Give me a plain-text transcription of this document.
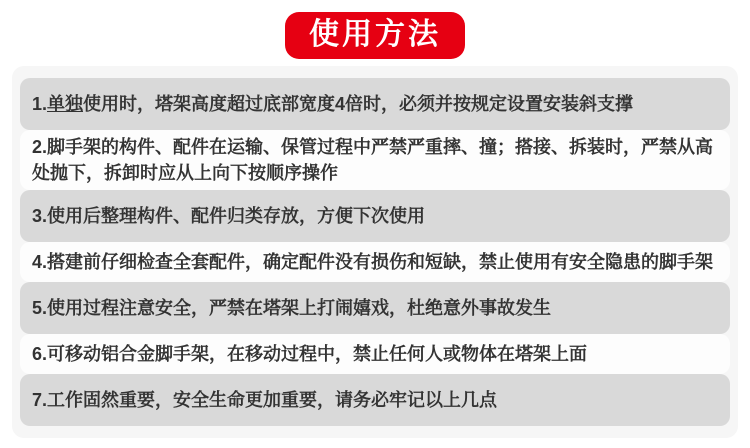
使用方法
1.单独使用时，塔架高度超过底部宽度4倍时，必须并按规定设置安装斜支撑
2.脚手架的构件、配件在运输、保管过程中严禁严重摔、撞；搭接、拆装时，严禁从高处抛下，拆卸时应从上向下按顺序操作
3.使用后整理构件、配件归类存放，方便下次使用
4.搭建前仔细检查全套配件，确定配件没有损伤和短缺，禁止使用有安全隐患的脚手架
5.使用过程注意安全，严禁在塔架上打闹嬉戏，杜绝意外事故发生
6.可移动铝合金脚手架，在移动过程中，禁止任何人或物体在塔架上面
7.工作固然重要，安全生命更加重要，请务必牢记以上几点
